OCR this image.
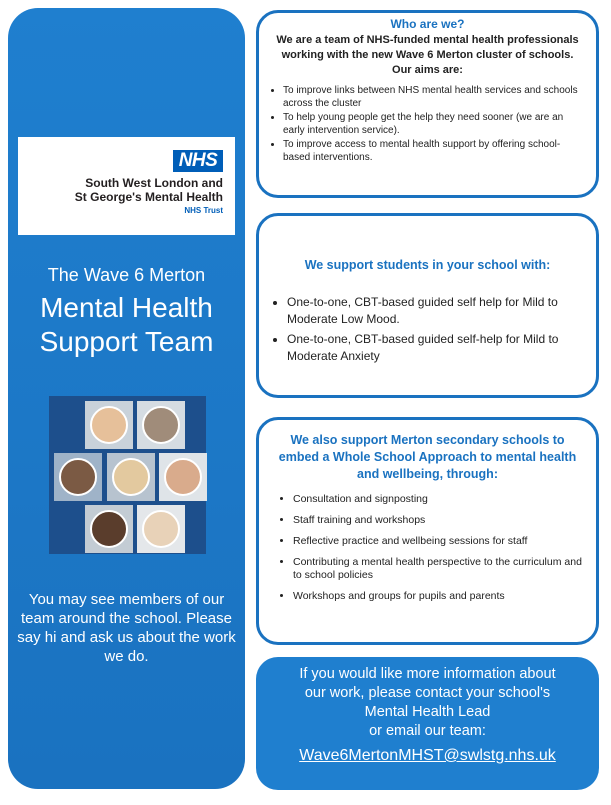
NHS
South West London and
St George's Mental Health
NHS Trust
The Wave 6 Merton
Mental Health
Support Team
You may see members of our team around the school. Please say hi and ask us about the work we do.
Who are we?
We are a team of NHS-funded mental health professionals working with the new Wave 6 Merton cluster of schools. Our aims are:
• To improve links between NHS mental health services and schools across the cluster
• To help young people get the help they need sooner (we are an early intervention service).
• To improve access to mental health support by offering school-based interventions.
We support students in your school with:
• One-to-one, CBT-based guided self help for Mild to Moderate Low Mood.
• One-to-one, CBT-based guided self-help for Mild to Moderate Anxiety
We also support Merton secondary schools to embed a Whole School Approach to mental health and wellbeing, through:
• Consultation and signposting
• Staff training and workshops
• Reflective practice and wellbeing sessions for staff
• Contributing a mental health perspective to the curriculum and to school policies
• Workshops and groups for pupils and parents
If you would like more information about
our work, please contact your school's
Mental Health Lead
or email our team:
Wave6MertonMHST@swlstg.nhs.uk
